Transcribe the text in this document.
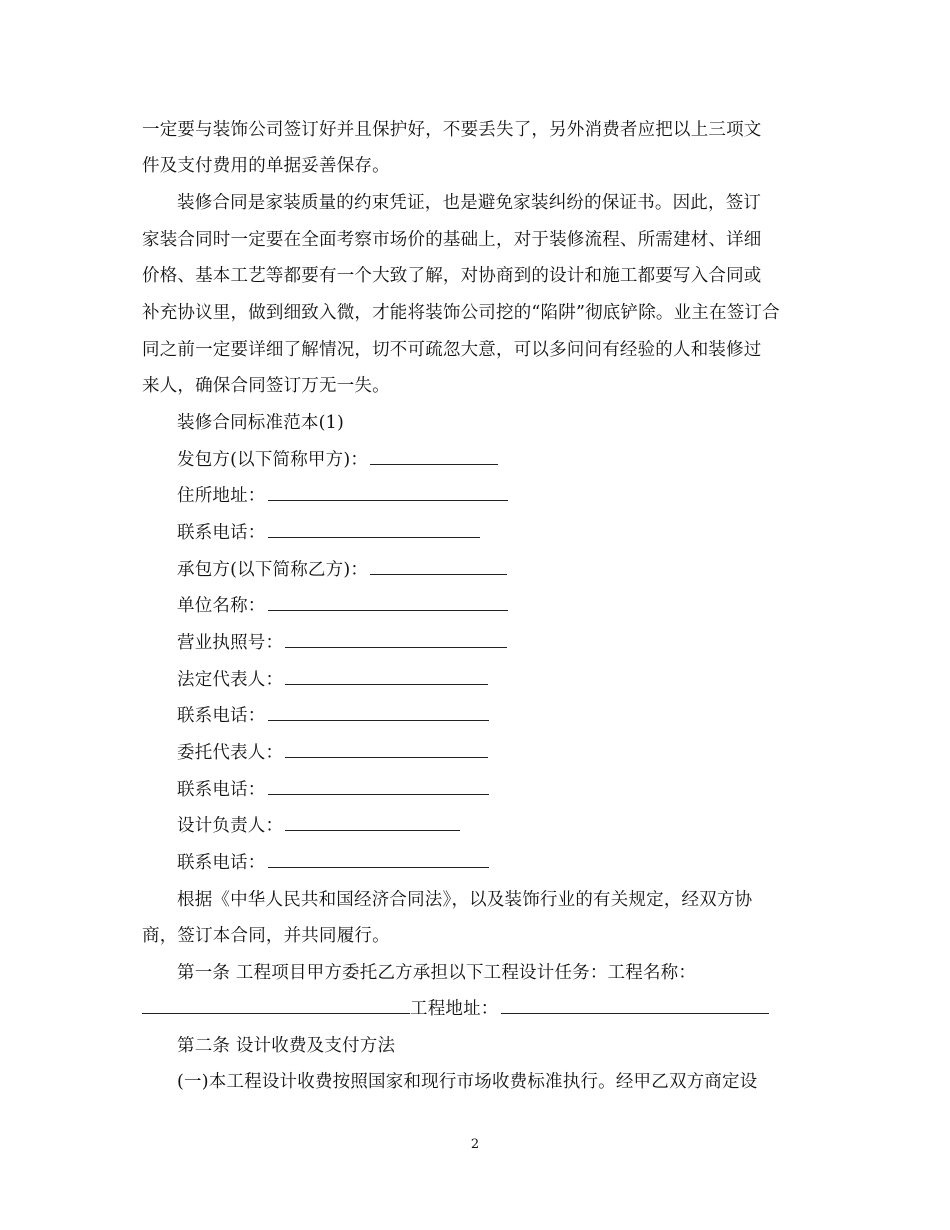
一定要与装饰公司签订好并且保护好，不要丢失了，另外消费者应把以上三项文
件及支付费用的单据妥善保存。
装修合同是家装质量的约束凭证，也是避免家装纠纷的保证书。因此，签订
家装合同时一定要在全面考察市场价的基础上，对于装修流程、所需建材、详细
价格、基本工艺等都要有一个大致了解，对协商到的设计和施工都要写入合同或
补充协议里，做到细致入微，才能将装饰公司挖的“陷阱”彻底铲除。业主在签订合
同之前一定要详细了解情况，切不可疏忽大意，可以多问问有经验的人和装修过
来人，确保合同签订万无一失。
装修合同标准范本(1)
发包方(以下简称甲方)：
住所地址：
联系电话：
承包方(以下简称乙方)：
单位名称：
营业执照号：
法定代表人：
联系电话：
委托代表人：
联系电话：
设计负责人：
联系电话：
根据《中华人民共和国经济合同法》，以及装饰行业的有关规定，经双方协
商，签订本合同，并共同履行。
第一条 工程项目甲方委托乙方承担以下工程设计任务：工程名称：
工程地址：
第二条 设计收费及支付方法
(一)本工程设计收费按照国家和现行市场收费标准执行。经甲乙双方商定设
2
